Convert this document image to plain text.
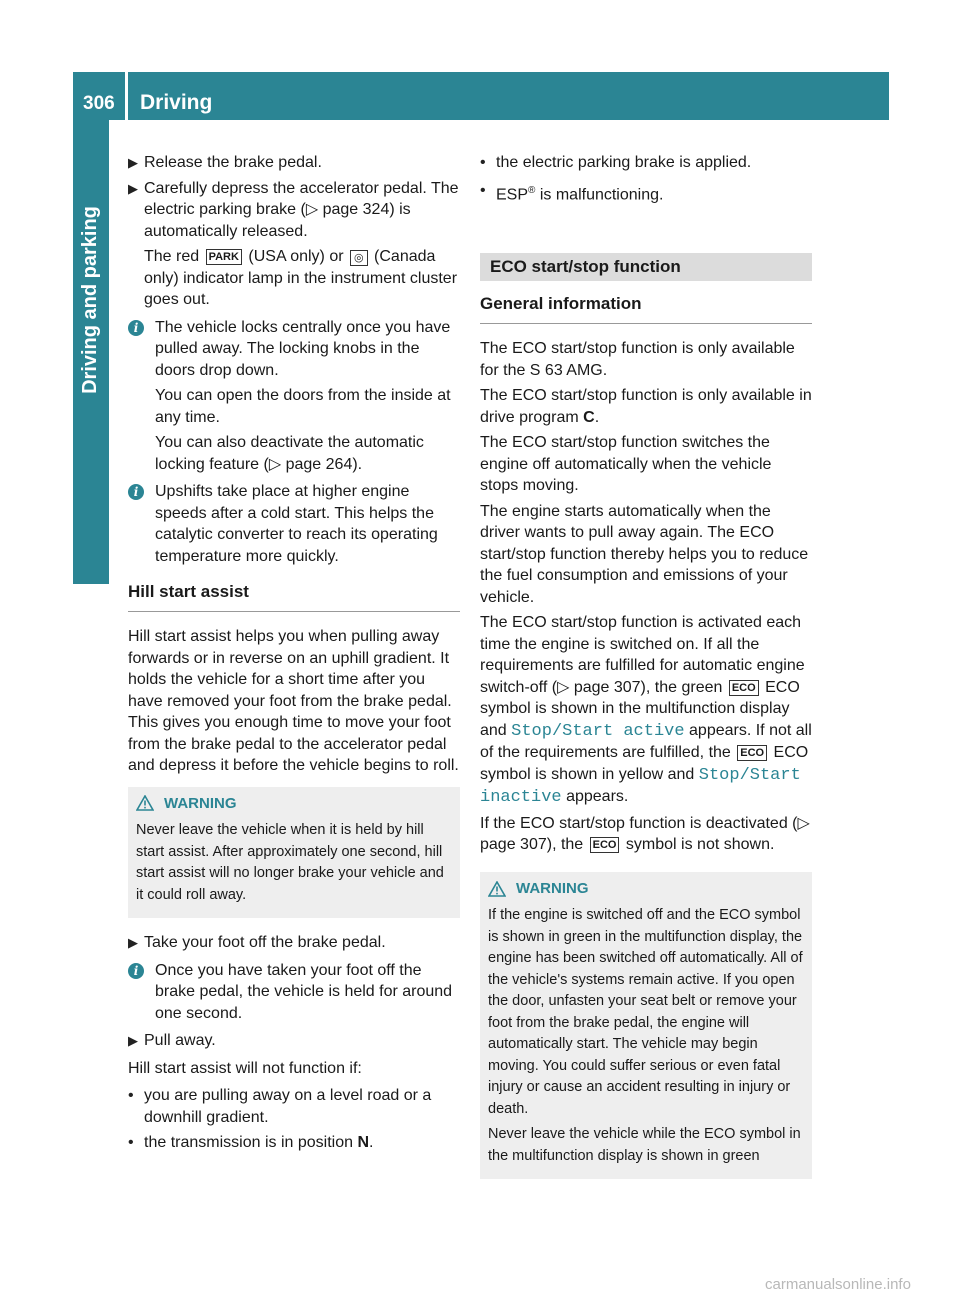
306 Driving
Driving and parking
▶ Release the brake pedal.

▶ Carefully depress the accelerator pedal. The electric parking brake (▷ page 324) is automatically released.

The red PARK (USA only) or ◎ (Canada only) indicator lamp in the instrument cluster goes out.

i	The vehicle locks centrally once you have pulled away. The locking knobs in the doors drop down.

You can open the doors from the inside at any time.

You can also deactivate the automatic locking feature (▷ page 264).

i	Upshifts take place at higher engine speeds after a cold start. This helps the catalytic converter to reach its operating temperature more quickly.

Hill start assist

Hill start assist helps you when pulling away forwards or in reverse on an uphill gradient. It holds the vehicle for a short time after you have removed your foot from the brake pedal. This gives you enough time to move your foot from the brake pedal to the accelerator pedal and depress it before the vehicle begins to roll.

WARNING

Never leave the vehicle when it is held by hill start assist. After approximately one second, hill start assist will no longer brake your vehicle and it could roll away.

▶ Take your foot off the brake pedal.

i	Once you have taken your foot off the brake pedal, the vehicle is held for around one second.

▶ Pull away.

Hill start assist will not function if:

• you are pulling away on a level road or a downhill gradient.
• the transmission is in position N.
• the electric parking brake is applied.
• ESP® is malfunctioning.
ECO start/stop function
General information

The ECO start/stop function is only available for the S 63 AMG.

The ECO start/stop function is only available in drive program C.

The ECO start/stop function switches the engine off automatically when the vehicle stops moving.

The engine starts automatically when the driver wants to pull away again. The ECO start/stop function thereby helps you to reduce the fuel consumption and emissions of your vehicle.

The ECO start/stop function is activated each time the engine is switched on. If all the requirements are fulfilled for automatic engine switch-off (▷ page 307), the green ECO ECO symbol is shown in the multifunction display and Stop/Start active appears. If not all of the requirements are fulfilled, the ECO ECO symbol is shown in yellow and Stop/Start inactive appears.

If the ECO start/stop function is deactivated (▷ page 307), the ECO symbol is not shown.

WARNING

If the engine is switched off and the ECO symbol is shown in green in the multifunction display, the engine has been switched off automatically. All of the vehicle's systems remain active. If you open the door, unfasten your seat belt or remove your foot from the brake pedal, the engine will automatically start. The vehicle may begin moving. You could suffer serious or even fatal injury or cause an accident resulting in injury or death.

Never leave the vehicle while the ECO symbol in the multifunction display is shown in green

carmanualsonline.info
